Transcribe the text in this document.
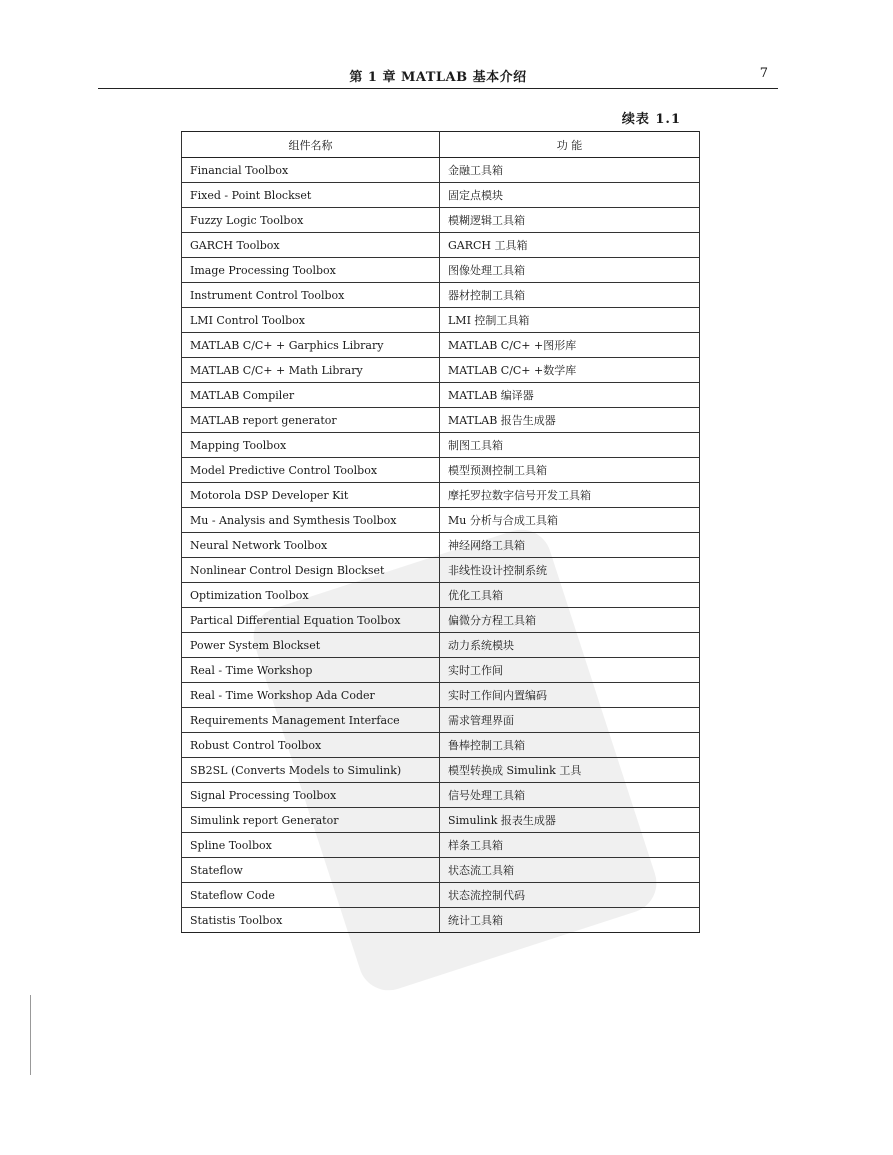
第 1 章 MATLAB 基本介绍	7
续表 1.1
组件名称	功 能
Financial Toolbox	金融工具箱
Fixed - Point Blockset	固定点模块
Fuzzy Logic Toolbox	模糊逻辑工具箱
GARCH Toolbox	GARCH 工具箱
Image Processing Toolbox	图像处理工具箱
Instrument Control Toolbox	器材控制工具箱
LMI Control Toolbox	LMI 控制工具箱
MATLAB C/C+ + Garphics Library	MATLAB C/C+ +图形库
MATLAB C/C+ + Math Library	MATLAB C/C+ +数学库
MATLAB Compiler	MATLAB 编译器
MATLAB report generator	MATLAB 报告生成器
Mapping Toolbox	制图工具箱
Model Predictive Control Toolbox	模型预测控制工具箱
Motorola DSP Developer Kit	摩托罗拉数字信号开发工具箱
Mu - Analysis and Symthesis Toolbox	Mu 分析与合成工具箱
Neural Network Toolbox	神经网络工具箱
Nonlinear Control Design Blockset	非线性设计控制系统
Optimization Toolbox	优化工具箱
Partical Differential Equation Toolbox	偏微分方程工具箱
Power System Blockset	动力系统模块
Real - Time Workshop	实时工作间
Real - Time Workshop Ada Coder	实时工作间内置编码
Requirements Management Interface	需求管理界面
Robust Control Toolbox	鲁棒控制工具箱
SB2SL (Converts Models to Simulink)	模型转换成 Simulink 工具
Signal Processing Toolbox	信号处理工具箱
Simulink report Generator	Simulink 报表生成器
Spline Toolbox	样条工具箱
Stateflow	状态流工具箱
Stateflow Code	状态流控制代码
Statistis Toolbox	统计工具箱
